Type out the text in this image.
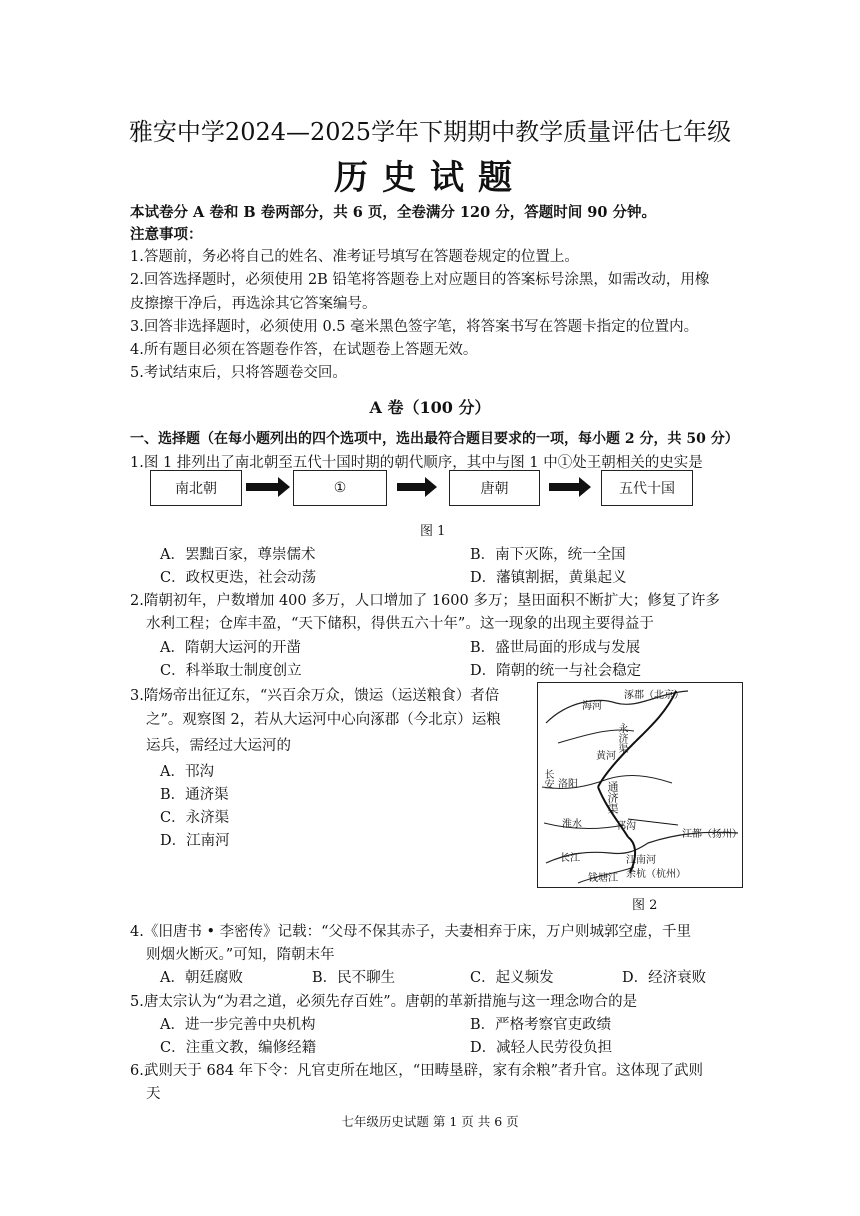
雅安中学2024—2025学年下期期中教学质量评估七年级
历史试题
本试卷分 A 卷和 B 卷两部分，共 6 页，全卷满分 120 分，答题时间 90 分钟。
注意事项：
1.答题前，务必将自己的姓名、准考证号填写在答题卷规定的位置上。
2.回答选择题时，必须使用 2B 铅笔将答题卷上对应题目的答案标号涂黑，如需改动，用橡
皮擦擦干净后，再选涂其它答案编号。
3.回答非选择题时，必须使用 0.5 毫米黑色签字笔，将答案书写在答题卡指定的位置内。
4.所有题目必须在答题卷作答，在试题卷上答题无效。
5.考试结束后，只将答题卷交回。
A 卷（100 分）
一、选择题（在每小题列出的四个选项中，选出最符合题目要求的一项，每小题 2 分，共 50 分）
1.图 1 排列出了南北朝至五代十国时期的朝代顺序，其中与图 1 中①处王朝相关的史实是
南北朝	①	唐朝	五代十国
图 1
A．罢黜百家，尊崇儒术	B．南下灭陈，统一全国
C．政权更迭，社会动荡	D．藩镇割据，黄巢起义
2.隋朝初年，户数增加 400 多万，人口增加了 1600 多万；垦田面积不断扩大；修复了许多
水利工程；仓库丰盈，“天下储积，得供五六十年”。这一现象的出现主要得益于
A．隋朝大运河的开凿	B．盛世局面的形成与发展
C．科举取士制度创立	D．隋朝的统一与社会稳定
3.隋炀帝出征辽东，“兴百余万众，馈运（运送粮食）者倍
之”。观察图 2，若从大运河中心向涿郡（今北京）运粮
运兵，需经过大运河的
A．邗沟
B．通济渠
C．永济渠
D．江南河
涿郡（北京）
海河
永济渠
黄河
洛阳
长安
通济渠
淮水	邗沟
江都（扬州）
长江	江南河
余杭（杭州）
钱塘江
图 2
4.《旧唐书 • 李密传》记载：“父母不保其赤子，夫妻相弃于床，万户则城郭空虚，千里
则烟火断灭。”可知，隋朝末年
A．朝廷腐败	B．民不聊生	C．起义频发	D．经济衰败
5.唐太宗认为“为君之道，必须先存百姓”。唐朝的革新措施与这一理念吻合的是
A．进一步完善中央机构	B．严格考察官吏政绩
C．注重文教，编修经籍	D．减轻人民劳役负担
6.武则天于 684 年下令：凡官吏所在地区，“田畴垦辟，家有余粮”者升官。这体现了武则
天
七年级历史试题 第 1 页 共 6 页
